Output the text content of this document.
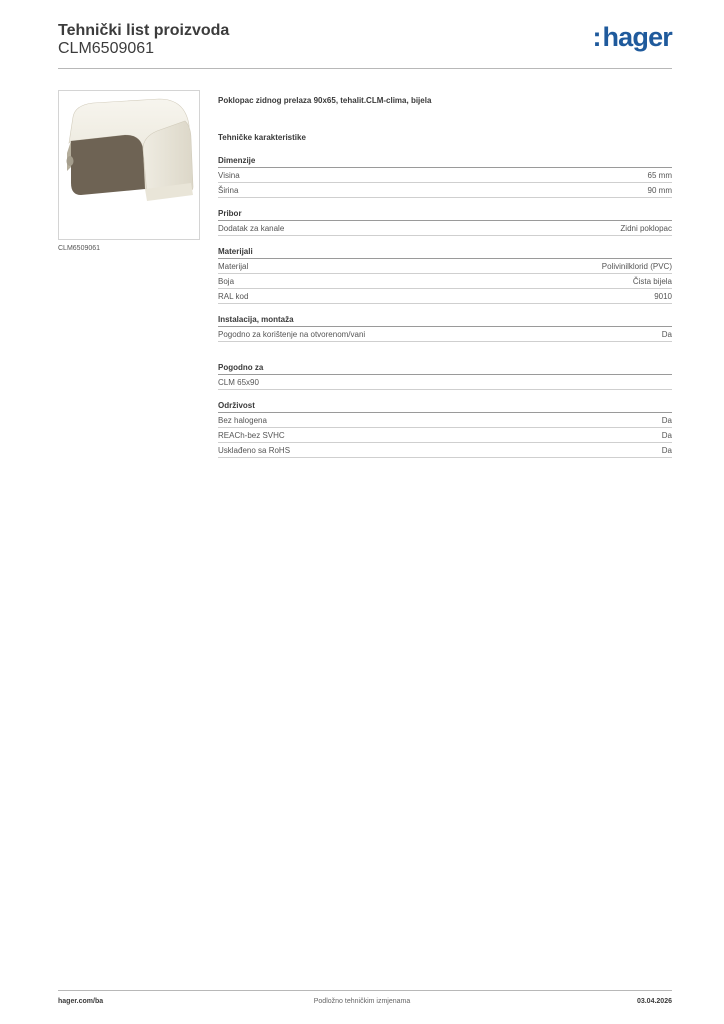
Tehnički list proizvoda
CLM6509061	:hager
CLM6509061
Poklopac zidnog prelaza 90x65, tehalit.CLM-clima, bijela
Tehničke karakteristike
Dimenzije
Visina	65 mm
Širina	90 mm
Pribor
Dodatak za kanale	Zidni poklopac
Materijali
Materijal	Polivinilklorid (PVC)
Boja	Čista bijela
RAL kod	9010
Instalacija, montaža
Pogodno za korištenje na otvorenom/vani	Da
Pogodno za
CLM 65x90
Održivost
Bez halogena	Da
REACh-bez SVHC	Da
Usklađeno sa RoHS	Da
Podložno tehničkim izmjenama
hager.com/ba	03.04.2026
